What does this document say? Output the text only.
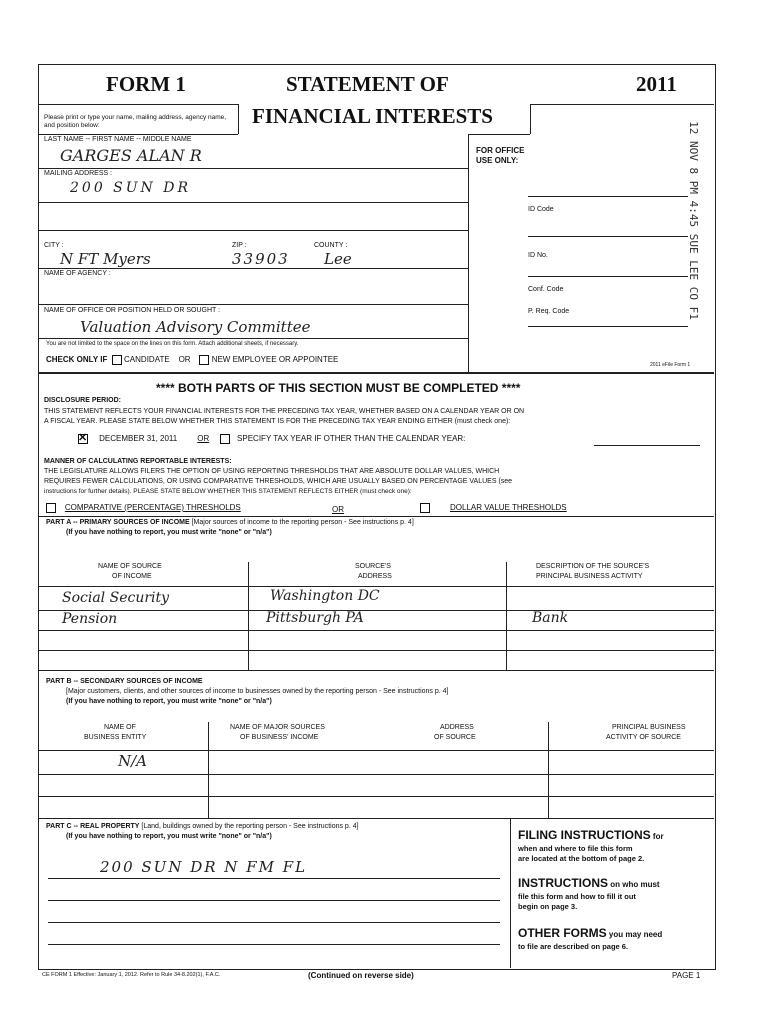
FORM 1	STATEMENT OF	2011
FINANCIAL INTERESTS
Please print or type your name, mailing address, agency name, and position below:
LAST NAME -- FIRST NAME -- MIDDLE NAME
GARGES ALAN R
MAILING ADDRESS :
200 SUN DR
CITY :	ZIP :	COUNTY :
N FT Myers	33903 Lee
NAME OF AGENCY :
NAME OF OFFICE OR POSITION HELD OR SOUGHT :
Valuation Advisory Committee
You are not limited to the space on the lines on this form. Attach additional sheets, if necessary.
CHECK ONLY IF CANDIDATE OR	NEW EMPLOYEE OR APPOINTEE
FOR OFFICE
USE ONLY:
ID Code
ID No.
Conf. Code
P. Req. Code
2011 eFile Form 1
12 NOV 8 PM 4:45 SUE LEE CO F1
**** BOTH PARTS OF THIS SECTION MUST BE COMPLETED ****
DISCLOSURE PERIOD:
THIS STATEMENT REFLECTS YOUR FINANCIAL INTERESTS FOR THE PRECEDING TAX YEAR, WHETHER BASED ON A CALENDAR YEAR OR ON
A FISCAL YEAR. PLEASE STATE BELOW WHETHER THIS STATEMENT IS FOR THE PRECEDING TAX YEAR ENDING EITHER (must check one):
✕ DECEMBER 31, 2011	OR	SPECIFY TAX YEAR IF OTHER THAN THE CALENDAR YEAR:
MANNER OF CALCULATING REPORTABLE INTERESTS:
THE LEGISLATURE ALLOWS FILERS THE OPTION OF USING REPORTING THRESHOLDS THAT ARE ABSOLUTE DOLLAR VALUES, WHICH
REQUIRES FEWER CALCULATIONS, OR USING COMPARATIVE THRESHOLDS, WHICH ARE USUALLY BASED ON PERCENTAGE VALUES (see
instructions for further details). PLEASE STATE BELOW WHETHER THIS STATEMENT REFLECTS EITHER (must check one):
COMPARATIVE (PERCENTAGE) THRESHOLDS	OR	DOLLAR VALUE THRESHOLDS
PART A -- PRIMARY SOURCES OF INCOME [Major sources of income to the reporting person - See instructions p. 4]
(If you have nothing to report, you must write "none" or "n/a")
NAME OF SOURCE
OF INCOME
SOURCE'S
ADDRESS
DESCRIPTION OF THE SOURCE'S
PRINCIPAL BUSINESS ACTIVITY
Social Security	Washington DC
Pension	Pittsburgh PA	Bank
PART B -- SECONDARY SOURCES OF INCOME
[Major customers, clients, and other sources of income to businesses owned by the reporting person - See instructions p. 4]
(If you have nothing to report, you must write "none" or "n/a")
NAME OF
BUSINESS ENTITY
NAME OF MAJOR SOURCES
OF BUSINESS' INCOME
ADDRESS
OF SOURCE
PRINCIPAL BUSINESS
ACTIVITY OF SOURCE
N/A
PART C -- REAL PROPERTY [Land, buildings owned by the reporting person - See instructions p. 4]
(If you have nothing to report, you must write "none" or "n/a")
200 SUN DR N FM FL
FILING INSTRUCTIONS for
when and where to file this form
are located at the bottom of page 2.
INSTRUCTIONS on who must
file this form and how to fill it out
begin on page 3.
OTHER FORMS you may need
to file are described on page 6.
CE FORM 1 Effective: January 1, 2012. Refer to Rule 34-8.202(1), F.A.C.	(Continued on reverse side)	PAGE 1
